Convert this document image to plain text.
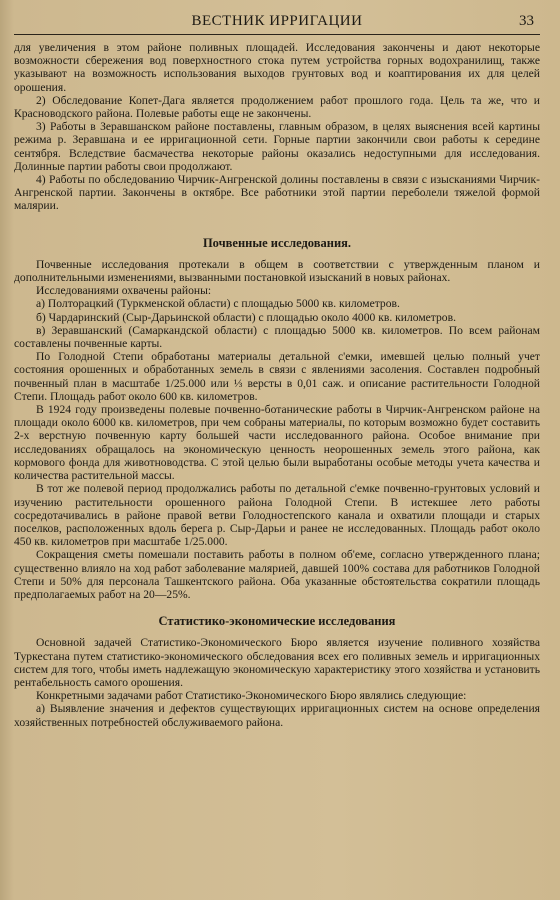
ВЕСТНИК ИРРИГАЦИИ	33

для увеличения в этом районе поливных площадей. Исследования закончены и дают некоторые возможности сбережения вод поверхностного стока путем устройства горных водохранилищ, также указывают на возможность использования выходов грунтовых вод и коаптирования их для целей орошения.

2) Обследование Копет-Дага является продолжением работ прошлого года. Цель та же, что и Красноводского района. Полевые работы еще не закончены.

3) Работы в Зеравшанском районе поставлены, главным образом, в целях выяснения всей картины режима р. Зеравшана и ее ирригационной сети. Горные партии закончили свои работы к середине сентября. Вследствие басмачества некоторые районы оказались недоступными для исследования. Долинные партии работы свои продолжают.

4) Работы по обследованию Чирчик-Ангренской долины поставлены в связи с изысканиями Чирчик-Ангренской партии. Закончены в октябре. Все работники этой партии переболели тяжелой формой малярии.

Почвенные исследования.

Почвенные исследования протекали в общем в соответствии с утвержденным планом и дополнительными изменениями, вызванными постановкой изысканий в новых районах.

Исследованиями охвачены районы:

а) Полторацкий (Туркменской области) с площадью 5000 кв. километров.

б) Чардаринский (Сыр-Дарьинской области) с площадью около 4000 кв. километров.

в) Зеравшанский (Самаркандской области) с площадью 5000 кв. километров. По всем районам составлены почвенные карты.

По Голодной Степи обработаны материалы детальной с'емки, имевшей целью полный учет состояния орошенных и обработанных земель в связи с явлениями засоления. Составлен подробный почвенный план в масштабе 1/25.000 или ⅓ версты в 0,01 саж. и описание растительности Голодной Степи. Площадь работ около 600 кв. километров.

В 1924 году произведены полевые почвенно-ботанические работы в Чирчик-Ангренском районе на площади около 6000 кв. километров, при чем собраны материалы, по которым возможно будет составить 2-х верстную почвенную карту большей части исследованного района. Особое внимание при исследованиях обращалось на экономическую ценность неорошенных земель этого района, как кормового фонда для животноводства. С этой целью были выработаны особые методы учета качества и количества растительной массы.

В тот же полевой период продолжались работы по детальной с'емке почвенно-грунтовых условий и изучению растительности орошенного района Голодной Степи. В истекшее лето работы сосредотачивались в районе правой ветви Голодностепского канала и охватили площади и старых поселков, расположенных вдоль берега р. Сыр-Дарьи и ранее не исследованных. Площадь работ около 450 кв. километров при масштабе 1/25.000.

Сокращения сметы помешали поставить работы в полном об'еме, согласно утвержденного плана; существенно влияло на ход работ заболевание малярией, давшей 100% состава для работников Голодной Степи и 50% для персонала Ташкентского района. Оба указанные обстоятельства сократили площадь предполагаемых работ на 20—25%.

Статистико-экономические исследования

Основной задачей Статистико-Экономического Бюро является изучение поливного хозяйства Туркестана путем статистико-экономического обследования всех его поливных земель и ирригационных систем для того, чтобы иметь надлежащую экономическую характеристику этого хозяйства и установить рентабельность самого орошения.

Конкретными задачами работ Статистико-Экономического Бюро являлись следующие:

а) Выявление значения и дефектов существующих ирригационных систем на основе определения хозяйственных потребностей обслуживаемого района.
